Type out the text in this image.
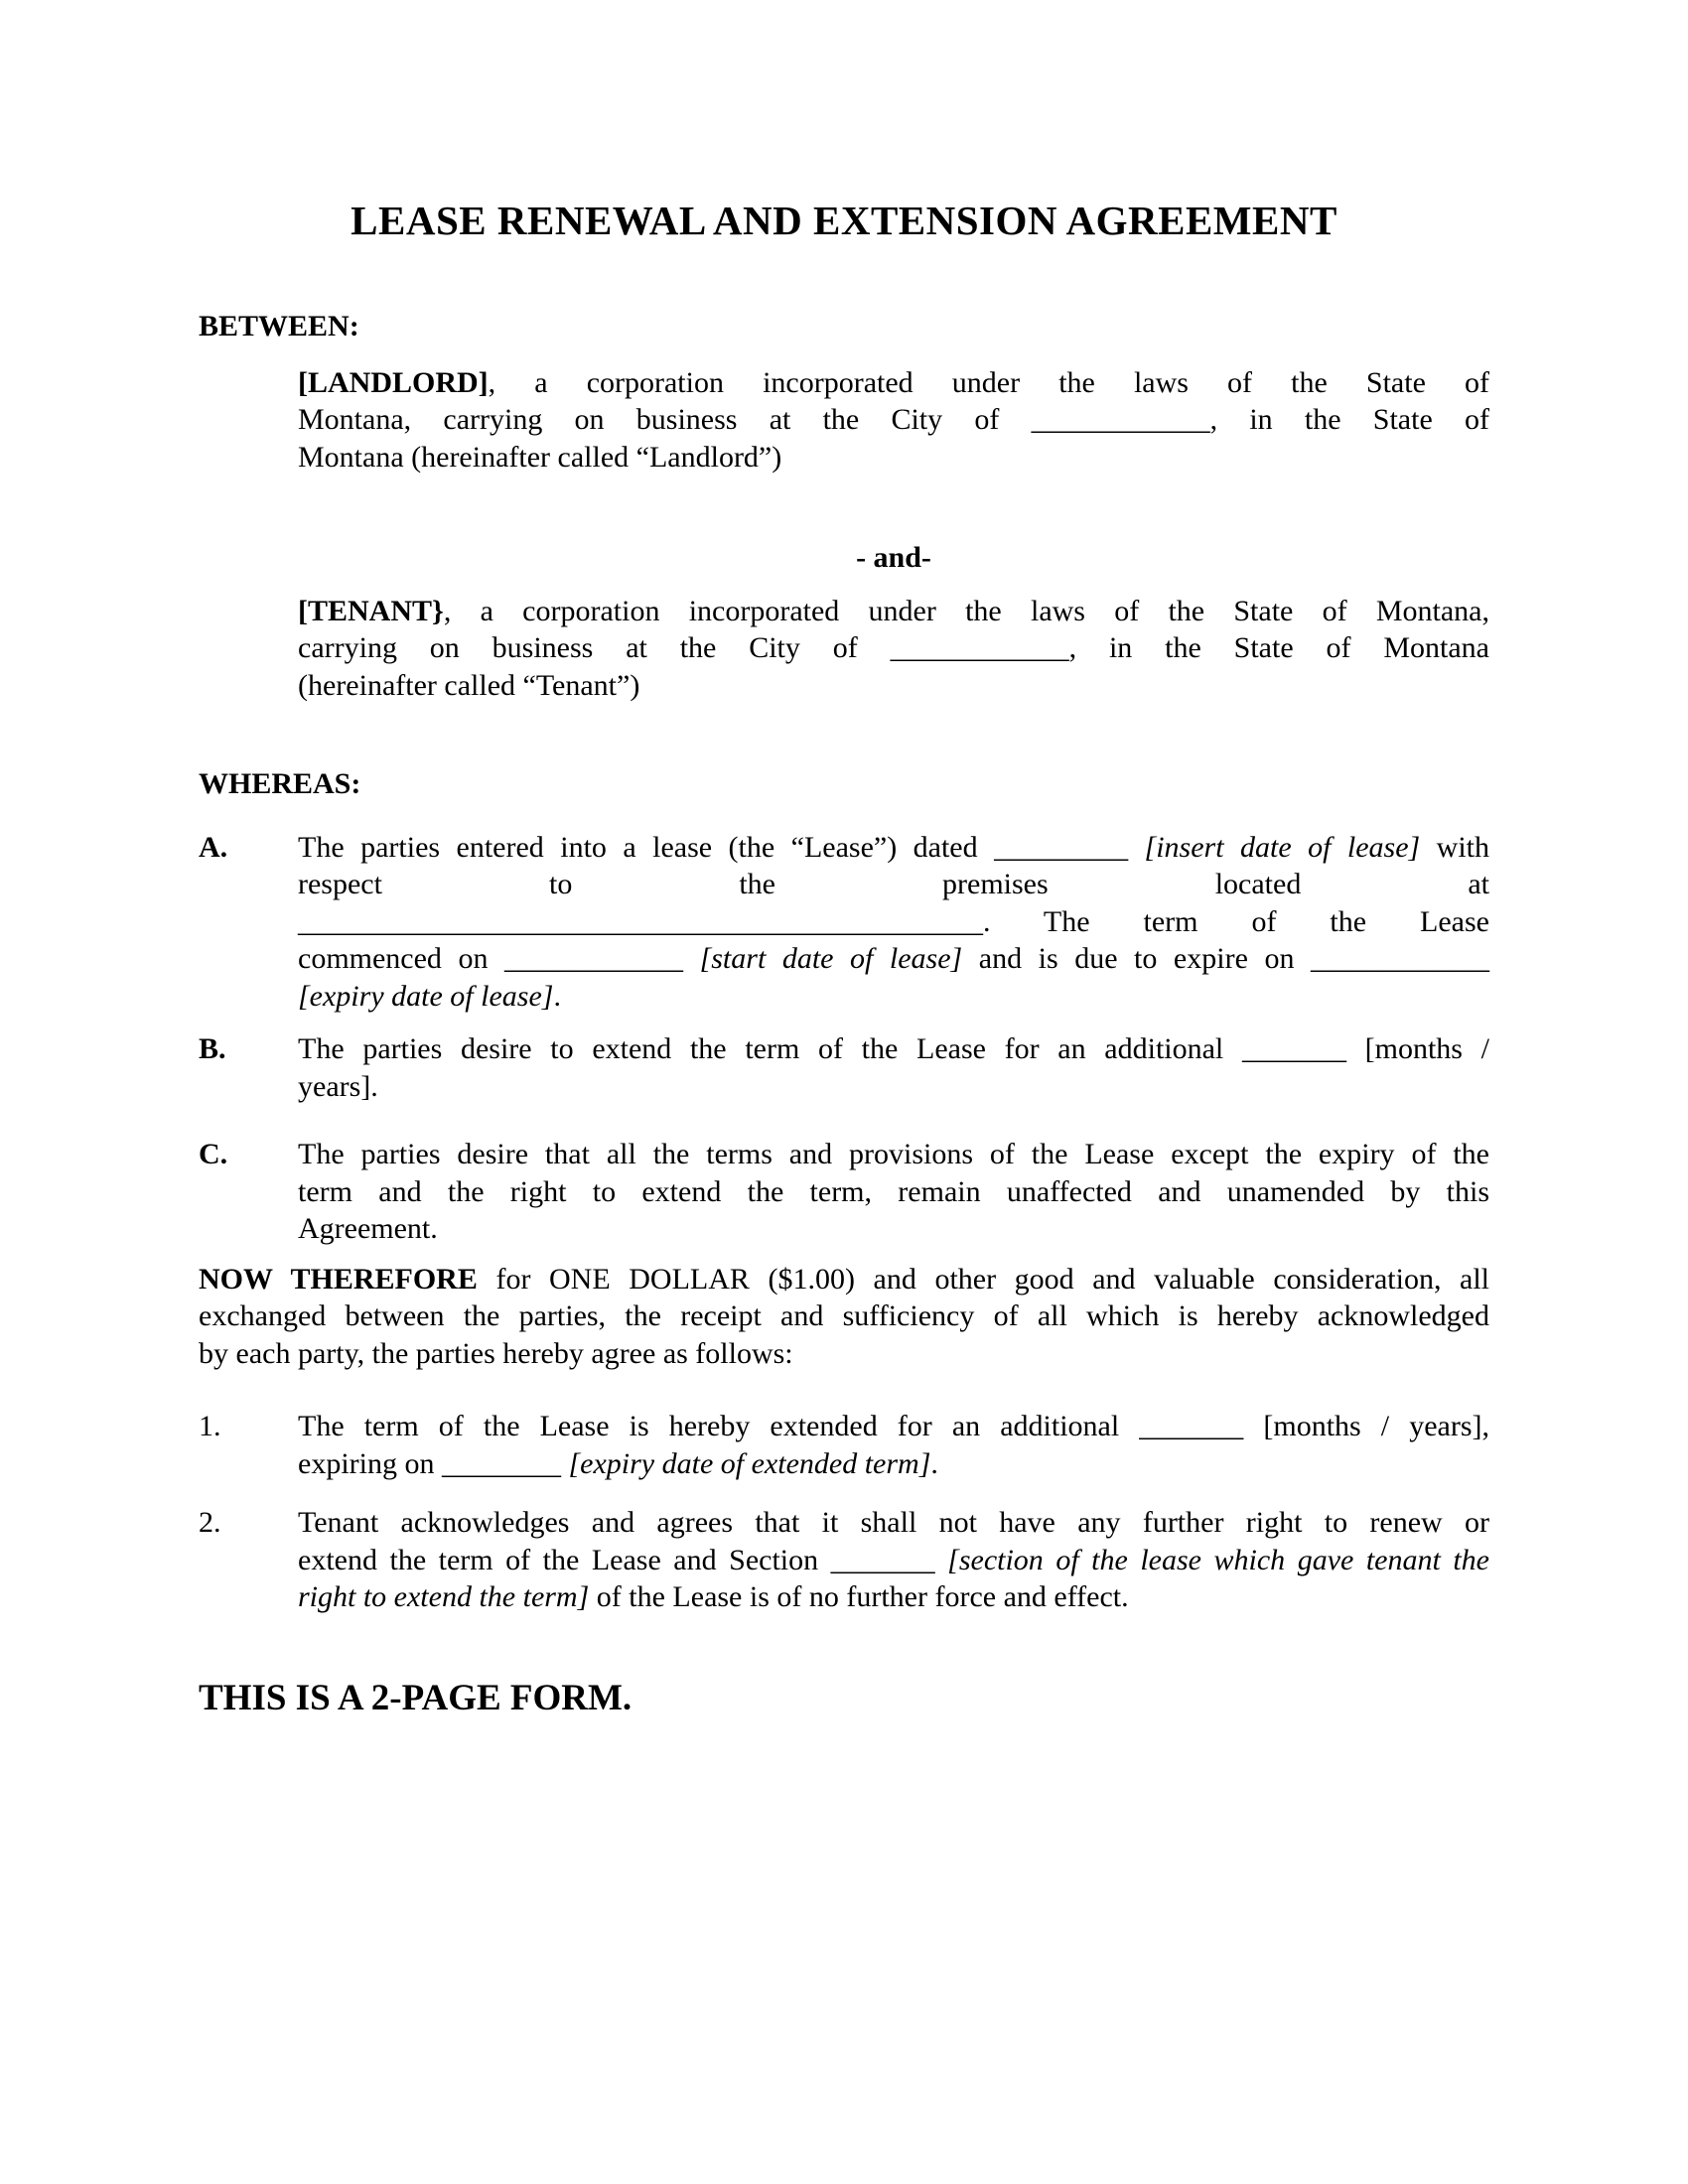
LEASE RENEWAL AND EXTENSION AGREEMENT
BETWEEN:
[LANDLORD], a corporation incorporated under the laws of the State of
Montana, carrying on business at the City of ____________, in the State of
Montana (hereinafter called “Landlord”)
- and-
[TENANT}, a corporation incorporated under the laws of the State of Montana,
carrying on business at the City of ____________, in the State of Montana
(hereinafter called “Tenant”)
WHEREAS:
A.	The parties entered into a lease (the “Lease”) dated _________ [insert date of lease] with
respect to the premises located at
______________________________________________. The term of the Lease
commenced on ____________ [start date of lease] and is due to expire on ____________
[expiry date of lease].
B.	The parties desire to extend the term of the Lease for an additional _______ [months /
years].
C.	The parties desire that all the terms and provisions of the Lease except the expiry of the
term and the right to extend the term, remain unaffected and unamended by this
Agreement.
NOW THEREFORE for ONE DOLLAR ($1.00) and other good and valuable consideration, all
exchanged between the parties, the receipt and sufficiency of all which is hereby acknowledged
by each party, the parties hereby agree as follows:
1.	The term of the Lease is hereby extended for an additional _______ [months / years],
expiring on ________ [expiry date of extended term].
2.	Tenant acknowledges and agrees that it shall not have any further right to renew or
extend the term of the Lease and Section _______ [section of the lease which gave tenant the
right to extend the term] of the Lease is of no further force and effect.
THIS IS A 2-PAGE FORM.
